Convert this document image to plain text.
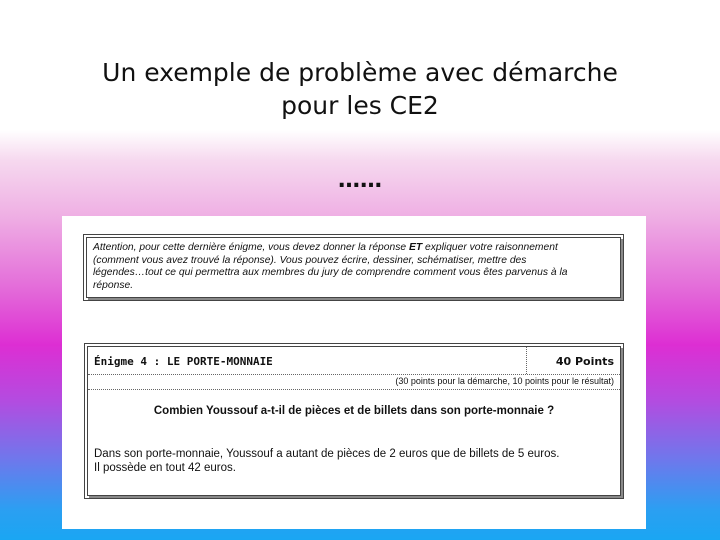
Un exemple de problème avec démarche
pour les CE2
……
Attention, pour cette dernière énigme, vous devez donner la réponse ET expliquer votre raisonnement
(comment vous avez trouvé la réponse). Vous pouvez écrire, dessiner, schématiser, mettre des
légendes…tout ce qui permettra aux membres du jury de comprendre comment vous êtes parvenus à la
réponse.
Énigme 4 : LE PORTE-MONNAIE	40 Points
(30 points pour la démarche, 10 points pour le résultat)
Combien Youssouf a-t-il de pièces et de billets dans son porte-monnaie ?
Dans son porte-monnaie, Youssouf a autant de pièces de 2 euros que de billets de 5 euros.
Il possède en tout 42 euros.
